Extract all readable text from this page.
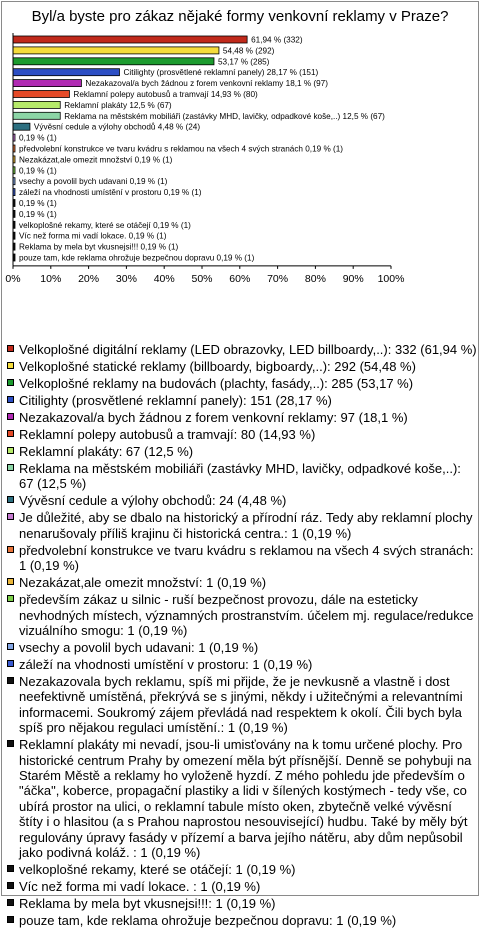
Byl/a byste pro zákaz nějaké formy venkovní reklamy v Praze?
61,94 % (332)
54,48 % (292)
53,17 % (285)
Citilighty (prosvětlené reklamní panely) 28,17 % (151)
Nezakazoval/a bych žádnou z forem venkovní reklamy 18,1 % (97)
Reklamní polepy autobusů a tramvají 14,93 % (80)
Reklamní plakáty 12,5 % (67)
Reklama na městském mobiliáři (zastávky MHD, lavičky, odpadkové koše,..) 12,5 % (67)
Vývěsní cedule a výlohy obchodů 4,48 % (24)
0,19 % (1)
předvolební konstrukce ve tvaru kvádru s reklamou na všech 4 svých stranách 0,19 % (1)
Nezakázat,ale omezit množství 0,19 % (1)
0,19 % (1)
vsechy a povolil bych udavani 0,19 % (1)
záleží na vhodnosti umístění v prostoru 0,19 % (1)
0,19 % (1)
0,19 % (1)
velkoplošné rekamy, které se otáčejí 0,19 % (1)
Víc než forma mi vadí lokace. 0,19 % (1)
Reklama by mela byt vkusnejsi!!! 0,19 % (1)
pouze tam, kde reklama ohrožuje bezpečnou dopravu 0,19 % (1)
0% 10% 20% 30% 40% 50% 60% 70% 80% 90% 100%
Velkoplošné digitální reklamy (LED obrazovky, LED billboardy,..): 332 (61,94 %)
Velkoplošné statické reklamy (billboardy, bigboardy,..): 292 (54,48 %)
Velkoplošné reklamy na budovách (plachty, fasády,..): 285 (53,17 %)
Citilighty (prosvětlené reklamní panely): 151 (28,17 %)
Nezakazoval/a bych žádnou z forem venkovní reklamy: 97 (18,1 %)
Reklamní polepy autobusů a tramvají: 80 (14,93 %)
Reklamní plakáty: 67 (12,5 %)
Reklama na městském mobiliáři (zastávky MHD, lavičky, odpadkové koše,..): 67 (12,5 %)
Vývěsní cedule a výlohy obchodů: 24 (4,48 %)
Je důležité, aby se dbalo na historický a přírodní ráz. Tedy aby reklamní plochy nenarušovaly příliš krajinu či historická centra.: 1 (0,19 %)
předvolební konstrukce ve tvaru kvádru s reklamou na všech 4 svých stranách: 1 (0,19 %)
Nezakázat,ale omezit množství: 1 (0,19 %)
především zákaz u silnic - ruší bezpečnost provozu, dále na esteticky nevhodných místech, významných prostranstvím. účelem mj. regulace/redukce vizuálního smogu: 1 (0,19 %)
vsechy a povolil bych udavani: 1 (0,19 %)
záleží na vhodnosti umístění v prostoru: 1 (0,19 %)
Nezakazovala bych reklamu, spíš mi přijde, že je nevkusně a vlastně i dost neefektivně umístěná, překrývá se s jinými, někdy i užitečnými a relevantními informacemi. Soukromý zájem převládá nad respektem k okolí. Čili bych byla spíš pro nějakou regulaci umístění.: 1 (0,19 %)
Reklamní plakáty mi nevadí, jsou-li umisťovány na k tomu určené plochy. Pro historické centrum Prahy by omezení měla být přísnější. Denně se pohybuji na Starém Městě a reklamy ho vyloženě hyzdí. Z mého pohledu jde především o "áčka", koberce, propagační plastiky a lidi v šílených kostýmech - tedy vše, co ubírá prostor na ulici, o reklamní tabule místo oken, zbytečně velké vývěsní štíty i o hlasitou (a s Prahou naprostou nesouvisející) hudbu. Také by měly být regulovány úpravy fasády v přízemí a barva jejího nátěru, aby dům nepůsobil jako podivná koláž. : 1 (0,19 %)
velkoplošné rekamy, které se otáčejí: 1 (0,19 %)
Víc než forma mi vadí lokace. : 1 (0,19 %)
Reklama by mela byt vkusnejsi!!!: 1 (0,19 %)
pouze tam, kde reklama ohrožuje bezpečnou dopravu: 1 (0,19 %)
